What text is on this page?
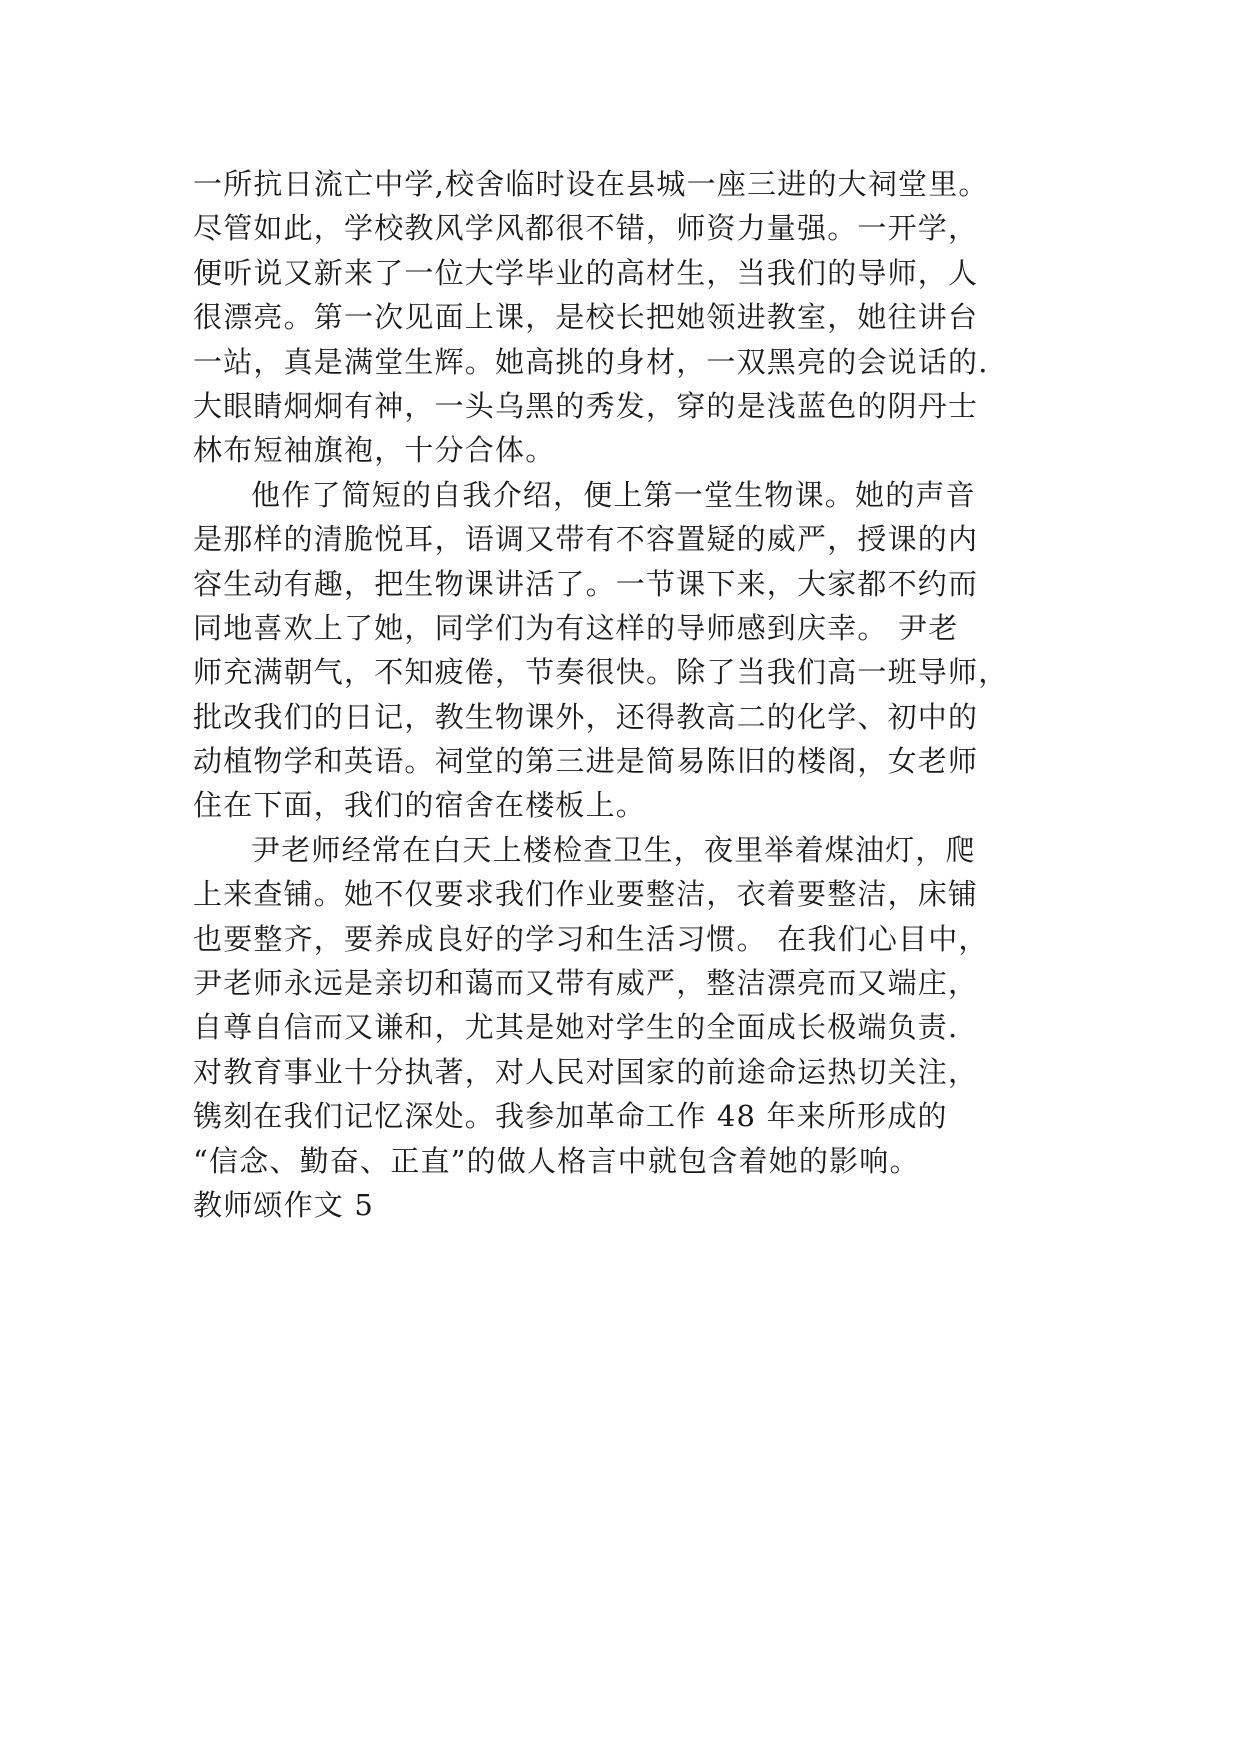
一所抗日流亡中学,校舍临时设在县城一座三进的大祠堂里。
尽管如此，学校教风学风都很不错，师资力量强。一开学，
便听说又新来了一位大学毕业的高材生，当我们的导师，人
很漂亮。第一次见面上课，是校长把她领进教室，她往讲台
一站，真是满堂生辉。她高挑的身材，一双黑亮的会说话的.
大眼睛炯炯有神，一头乌黑的秀发，穿的是浅蓝色的阴丹士
林布短袖旗袍，十分合体。
他作了简短的自我介绍，便上第一堂生物课。她的声音
是那样的清脆悦耳，语调又带有不容置疑的威严，授课的内
容生动有趣，把生物课讲活了。一节课下来，大家都不约而
同地喜欢上了她，同学们为有这样的导师感到庆幸。 尹老
师充满朝气，不知疲倦，节奏很快。除了当我们高一班导师，
批改我们的日记，教生物课外，还得教高二的化学、初中的
动植物学和英语。祠堂的第三进是简易陈旧的楼阁，女老师
住在下面，我们的宿舍在楼板上。
尹老师经常在白天上楼检查卫生，夜里举着煤油灯，爬
上来查铺。她不仅要求我们作业要整洁，衣着要整洁，床铺
也要整齐，要养成良好的学习和生活习惯。 在我们心目中，
尹老师永远是亲切和蔼而又带有威严，整洁漂亮而又端庄，
自尊自信而又谦和，尤其是她对学生的全面成长极端负责.
对教育事业十分执著，对人民对国家的前途命运热切关注，
镌刻在我们记忆深处。我参加革命工作 48 年来所形成的
“信念、勤奋、正直”的做人格言中就包含着她的影响。
教师颂作文 5
